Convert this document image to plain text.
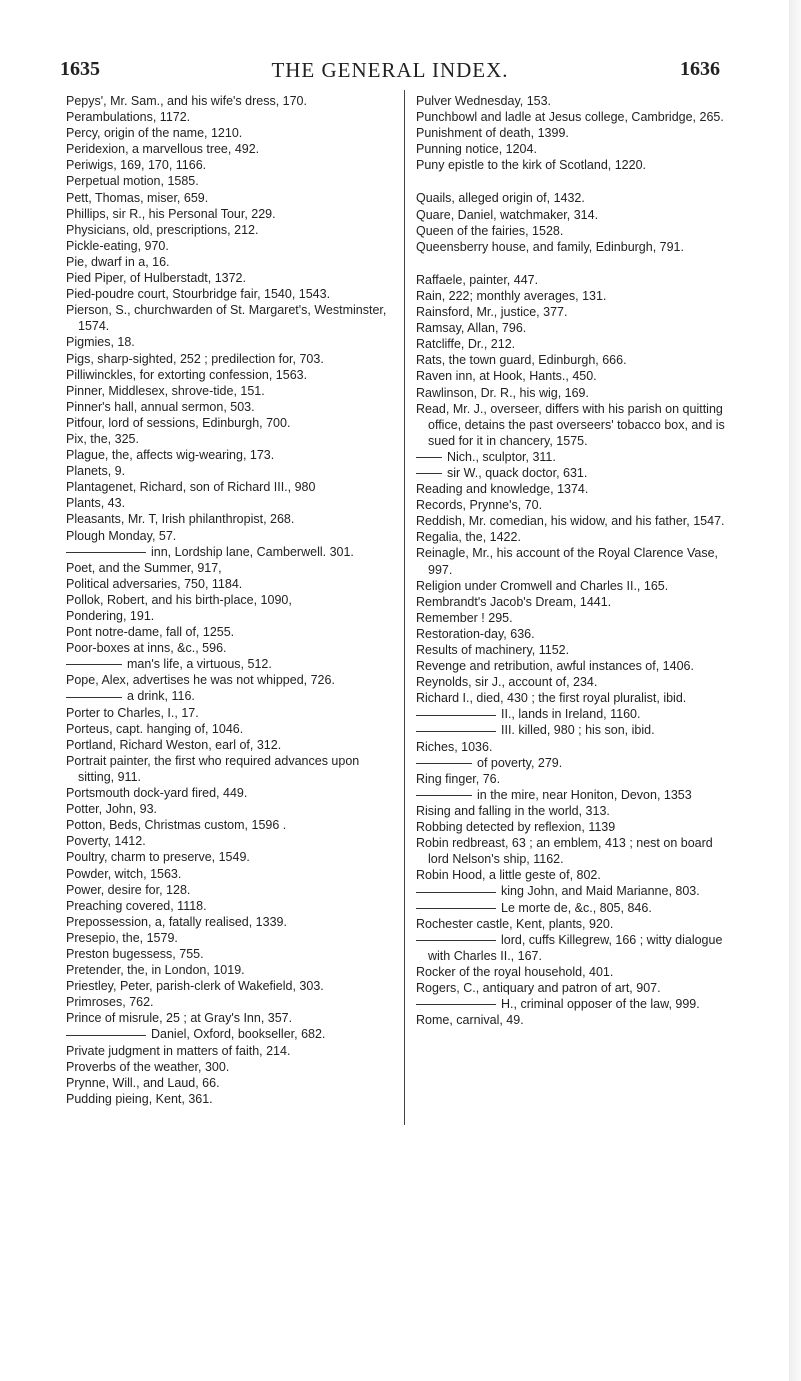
1635	THE GENERAL INDEX.	1636

Pepys', Mr. Sam., and his wife's dress, 170.

Perambulations, 1172.

Percy, origin of the name, 1210.

Peridexion, a marvellous tree, 492.

Periwigs, 169, 170, 1166.

Perpetual motion, 1585.

Pett, Thomas, miser, 659.

Phillips, sir R., his Personal Tour, 229.

Physicians, old, prescriptions, 212.

Pickle-eating, 970.

Pie, dwarf in a, 16.

Pied Piper, of Hulberstadt, 1372.

Pied-poudre court, Stourbridge fair, 1540, 1543.

Pierson, S., churchwarden of St. Margaret's, Westminster, 1574.

Pigmies, 18.

Pigs, sharp-sighted, 252 ; predilection for, 703.

Pilliwinckles, for extorting confession, 1563.

Pinner, Middlesex, shrove-tide, 151.

Pinner's hall, annual sermon, 503.

Pitfour, lord of sessions, Edinburgh, 700.

Pix, the, 325.

Plague, the, affects wig-wearing, 173.

Planets, 9.

Plantagenet, Richard, son of Richard III., 980

Plants, 43.

Pleasants, Mr. T, Irish philanthropist, 268.

Plough Monday, 57.

inn, Lordship lane, Camberwell. 301.

Poet, and the Summer, 917,

Political adversaries, 750, 1184.

Pollok, Robert, and his birth-place, 1090,

Pondering, 191.

Pont notre-dame, fall of, 1255.

Poor-boxes at inns, &c., 596.

man's life, a virtuous, 512.

Pope, Alex, advertises he was not whipped, 726.

a drink, 116.

Porter to Charles, I., 17.

Porteus, capt. hanging of, 1046.

Portland, Richard Weston, earl of, 312.

Portrait painter, the first who required advances upon sitting, 911.

Portsmouth dock-yard fired, 449.

Potter, John, 93.

Potton, Beds, Christmas custom, 1596 .

Poverty, 1412.

Poultry, charm to preserve, 1549.

Powder, witch, 1563.

Power, desire for, 128.

Preaching covered, 1118.

Prepossession, a, fatally realised, 1339.

Presepio, the, 1579.

Preston bugessess, 755.

Pretender, the, in London, 1019.

Priestley, Peter, parish-clerk of Wakefield, 303.

Primroses, 762.

Prince of misrule, 25 ; at Gray's Inn, 357.

Daniel, Oxford, bookseller, 682.

Private judgment in matters of faith, 214.

Proverbs of the weather, 300.

Prynne, Will., and Laud, 66.

Pudding pieing, Kent, 361.

Pulver Wednesday, 153.

Punchbowl and ladle at Jesus college, Cambridge, 265.

Punishment of death, 1399.

Punning notice, 1204.

Puny epistle to the kirk of Scotland, 1220.

Quails, alleged origin of, 1432.

Quare, Daniel, watchmaker, 314.

Queen of the fairies, 1528.

Queensberry house, and family, Edinburgh, 791.

Raffaele, painter, 447.

Rain, 222; monthly averages, 131.

Rainsford, Mr., justice, 377.

Ramsay, Allan, 796.

Ratcliffe, Dr., 212.

Rats, the town guard, Edinburgh, 666.

Raven inn, at Hook, Hants., 450.

Rawlinson, Dr. R., his wig, 169.

Read, Mr. J., overseer, differs with his parish on quitting office, detains the past overseers' tobacco box, and is sued for it in chancery, 1575.

Nich., sculptor, 311.

sir W., quack doctor, 631.

Reading and knowledge, 1374.

Records, Prynne's, 70.

Reddish, Mr. comedian, his widow, and his father, 1547.

Regalia, the, 1422.

Reinagle, Mr., his account of the Royal Clarence Vase, 997.

Religion under Cromwell and Charles II., 165.

Rembrandt's Jacob's Dream, 1441.

Remember ! 295.

Restoration-day, 636.

Results of machinery, 1152.

Revenge and retribution, awful instances of, 1406.

Reynolds, sir J., account of, 234.

Richard I., died, 430 ; the first royal pluralist, ibid.

II., lands in Ireland, 1160.

III. killed, 980 ; his son, ibid.

Riches, 1036.

of poverty, 279.

Ring finger, 76.

in the mire, near Honiton, Devon, 1353

Rising and falling in the world, 313.

Robbing detected by reflexion, 1139

Robin redbreast, 63 ; an emblem, 413 ; nest on board lord Nelson's ship, 1162.

Robin Hood, a little geste of, 802.

king John, and Maid Marianne, 803.

Le morte de, &c., 805, 846.

Rochester castle, Kent, plants, 920.

lord, cuffs Killegrew, 166 ; witty dialogue with Charles II., 167.

Rocker of the royal household, 401.

Rogers, C., antiquary and patron of art, 907.

H., criminal opposer of the law, 999.

Rome, carnival, 49.
